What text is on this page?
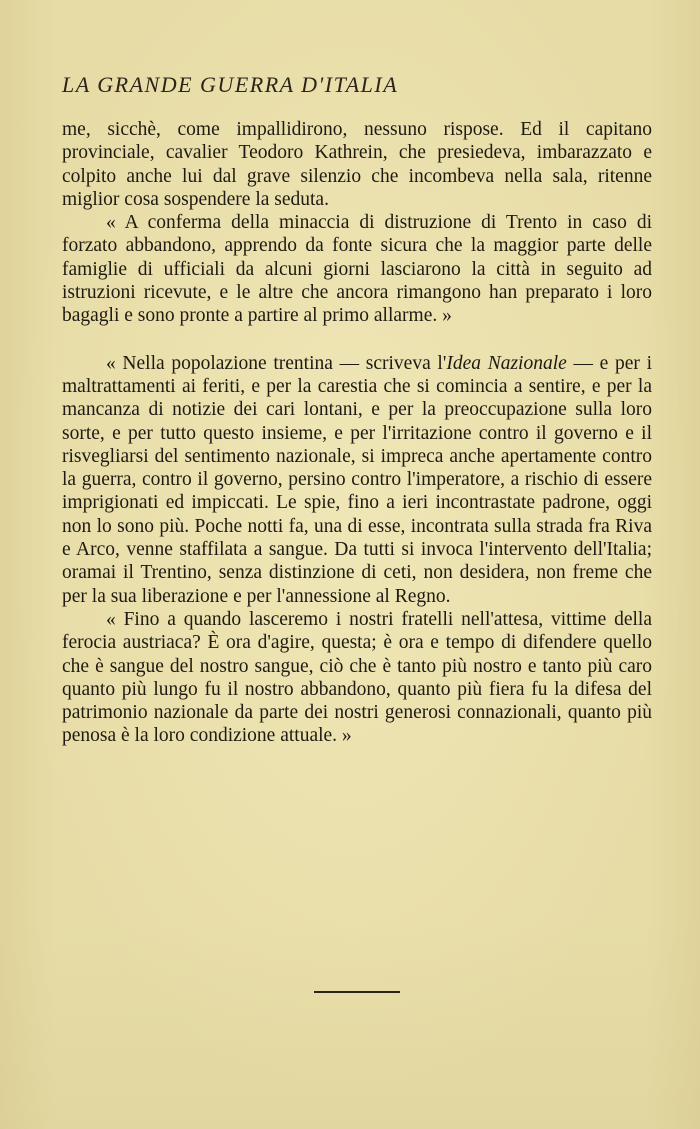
LA GRANDE GUERRA D'ITALIA

me, sicchè, come impallidirono, nessuno rispose. Ed il capitano provinciale, cavalier Teodoro Kathrein, che presiedeva, imbarazzato e colpito anche lui dal grave silenzio che incombeva nella sala, ritenne miglior cosa sospendere la seduta.

« A conferma della minaccia di distruzione di Trento in caso di forzato abbandono, apprendo da fonte sicura che la maggior parte delle famiglie di ufficiali da alcuni giorni lasciarono la città in seguito ad istruzioni ricevute, e le altre che ancora rimangono han preparato i loro bagagli e sono pronte a partire al primo allarme. »

« Nella popolazione trentina — scriveva l'Idea Nazionale — e per i maltrattamenti ai feriti, e per la carestia che si comincia a sentire, e per la mancanza di notizie dei cari lontani, e per la preoccupazione sulla loro sorte, e per tutto questo insieme, e per l'irritazione contro il governo e il risvegliarsi del sentimento nazionale, si impreca anche apertamente contro la guerra, contro il governo, persino contro l'imperatore, a rischio di essere imprigionati ed impiccati. Le spie, fino a ieri incontrastate padrone, oggi non lo sono più. Poche notti fa, una di esse, incontrata sulla strada fra Riva e Arco, venne staffilata a sangue. Da tutti si invoca l'intervento dell'Italia; oramai il Trentino, senza distinzione di ceti, non desidera, non freme che per la sua liberazione e per l'annessione al Regno.

« Fino a quando lasceremo i nostri fratelli nell'attesa, vittime della ferocia austriaca? È ora d'agire, questa; è ora e tempo di difendere quello che è sangue del nostro sangue, ciò che è tanto più nostro e tanto più caro quanto più lungo fu il nostro abbandono, quanto più fiera fu la difesa del patrimonio nazionale da parte dei nostri generosi connazionali, quanto più penosa è la loro condizione attuale. »
